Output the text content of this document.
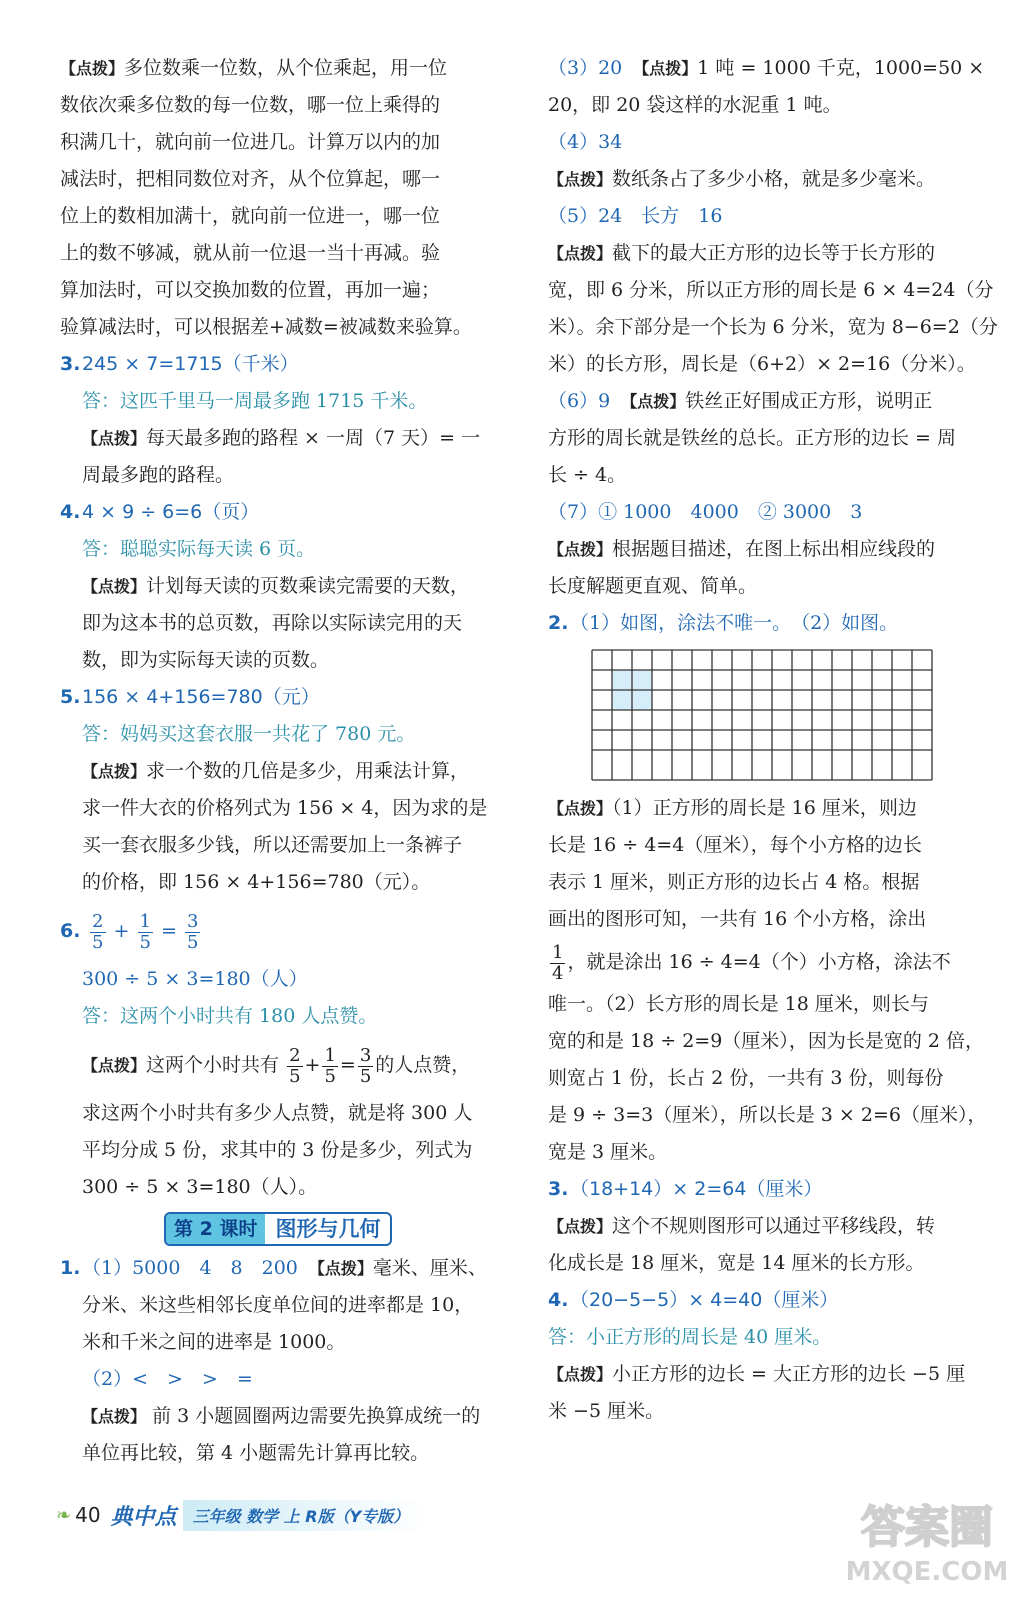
【点拨】多位数乘一位数，从个位乘起，用一位
数依次乘多位数的每一位数，哪一位上乘得的
积满几十，就向前一位进几。计算万以内的加
减法时，把相同数位对齐，从个位算起，哪一
位上的数相加满十，就向前一位进一，哪一位
上的数不够减，就从前一位退一当十再减。验
算加法时，可以交换加数的位置，再加一遍；
验算减法时，可以根据差+减数=被减数来验算。
3.245 × 7=1715（千米）
答：这匹千里马一周最多跑 1715 千米。
【点拨】每天最多跑的路程 × 一周（7 天）= 一
周最多跑的路程。
4.4 × 9 ÷ 6=6（页）
答：聪聪实际每天读 6 页。
【点拨】计划每天读的页数乘读完需要的天数，
即为这本书的总页数，再除以实际读完用的天
数，即为实际每天读的页数。
5.156 × 4+156=780（元）
答：妈妈买这套衣服一共花了 780 元。
【点拨】求一个数的几倍是多少，用乘法计算，
求一件大衣的价格列式为 156 × 4，因为求的是
买一套衣服多少钱，所以还需要加上一条裤子
的价格，即 156 × 4+156=780（元）。
6. $\frac{2}{5} + \frac{1}{5} = \frac{3}{5}$
300 ÷ 5 × 3=180（人）
答：这两个小时共有 180 人点赞。
【点拨】这两个小时共有 $\frac{2}{5} + \frac{1}{5} = \frac{3}{5}$ 的人点赞，
求这两个小时共有多少人点赞，就是将 300 人
平均分成 5 份，求其中的 3 份是多少，列式为
300 ÷ 5 × 3=180（人）。
第 2 课时 图形与几何
1.（1）5000　4　8　200　 【点拨】毫米、厘米、
分米、米这些相邻长度单位间的进率都是 10，
米和千米之间的进率是 1000。
（2）<　>　>　=
【点拨】 前 3 小题圆圈两边需要先换算成统一的
单位再比较，第 4 小题需先计算再比较。
（3）20　 【点拨】1 吨 = 1000 千克，1000=50 ×
20，即 20 袋这样的水泥重 1 吨。
（4）34
【点拨】数纸条占了多少小格，就是多少毫米。
（5）24　长方　16
【点拨】截下的最大正方形的边长等于长方形的
宽，即 6 分米，所以正方形的周长是 6 × 4=24（分
米）。余下部分是一个长为 6 分米，宽为 8−6=2（分
米）的长方形，周长是（6+2）× 2=16（分米）。
（6）9　 【点拨】铁丝正好围成正方形，说明正
方形的周长就是铁丝的总长。正方形的边长 = 周
长 ÷ 4。
（7）① 1000　4000　② 3000　3
【点拨】根据题目描述，在图上标出相应线段的
长度解题更直观、简单。
2.（1）如图，涂法不唯一。　（2）如图。
【点拨】（1）正方形的周长是 16 厘米，则边
长是 16 ÷ 4=4（厘米），每个小方格的边长
表示 1 厘米，则正方形的边长占 4 格。根据
画出的图形可知，一共有 16 个小方格，涂出
$\frac{1}{4}$ ，就是涂出 16 ÷ 4=4（个）小方格，涂法不
唯一。（2）长方形的周长是 18 厘米，则长与
宽的和是 18 ÷ 2=9（厘米），因为长是宽的 2 倍，
则宽占 1 份，长占 2 份，一共有 3 份，则每份
是 9 ÷ 3=3（厘米），所以长是 3 × 2=6（厘米），
宽是 3 厘米。
3.（18+14）× 2=64（厘米）
【点拨】这个不规则图形可以通过平移线段，转
化成长是 18 厘米，宽是 14 厘米的长方形。
4.（20−5−5）× 4=40（厘米）
答：小正方形的周长是 40 厘米。
【点拨】小正方形的边长 = 大正方形的边长 −5 厘
米 −5 厘米。
❧ 40 典中点	三年级 数学 上 R版（Y专版）	答案圈
MXQE.COM
